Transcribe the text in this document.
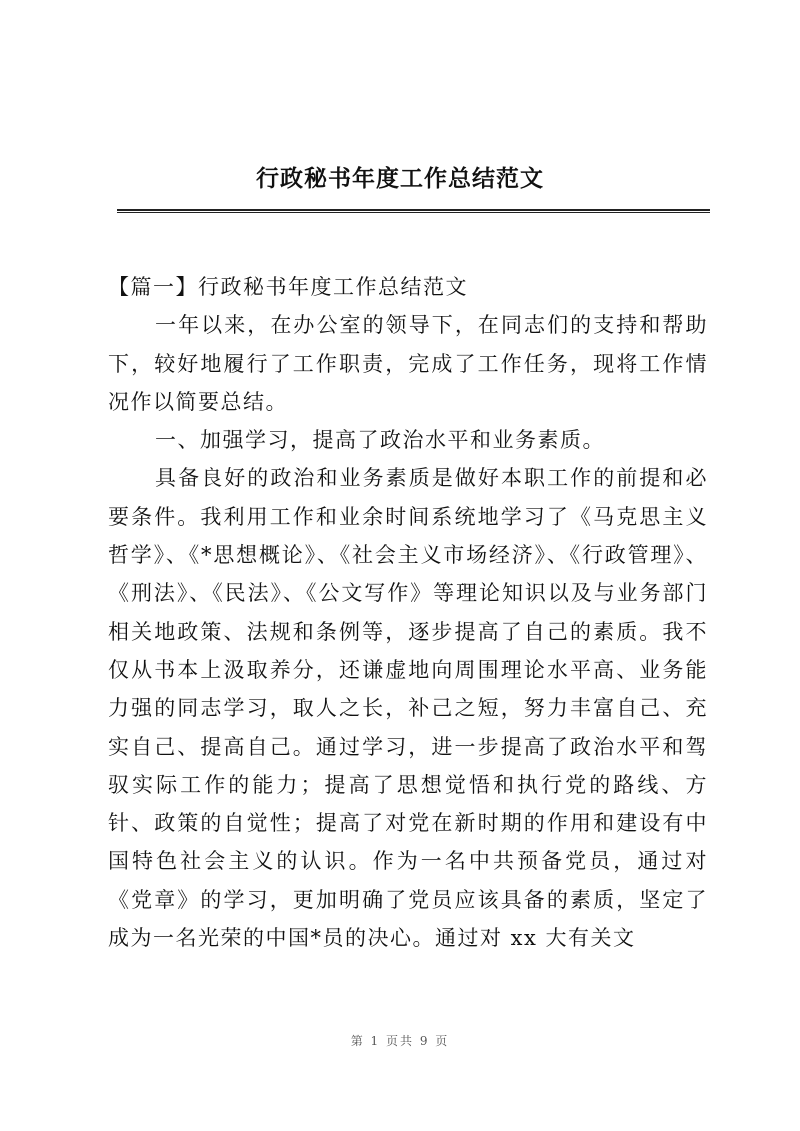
行政秘书年度工作总结范文

【篇一】行政秘书年度工作总结范文

一年以来，在办公室的领导下，在同志们的支持和帮助下，较好地履行了工作职责，完成了工作任务，现将工作情况作以简要总结。

一、加强学习，提高了政治水平和业务素质。

具备良好的政治和业务素质是做好本职工作的前提和必要条件。我利用工作和业余时间系统地学习了《马克思主义哲学》、《*思想概论》、《社会主义市场经济》、《行政管理》、《刑法》、《民法》、《公文写作》等理论知识以及与业务部门相关地政策、法规和条例等，逐步提高了自己的素质。我不仅从书本上汲取养分，还谦虚地向周围理论水平高、业务能力强的同志学习，取人之长，补己之短，努力丰富自己、充实自己、提高自己。通过学习，进一步提高了政治水平和驾驭实际工作的能力；提高了思想觉悟和执行党的路线、方针、政策的自觉性；提高了对党在新时期的作用和建设有中国特色社会主义的认识。作为一名中共预备党员，通过对《党章》的学习，更加明确了党员应该具备的素质，坚定了成为一名光荣的中国*员的决心。通过对 xx 大有关文

第 1 页共 9 页
